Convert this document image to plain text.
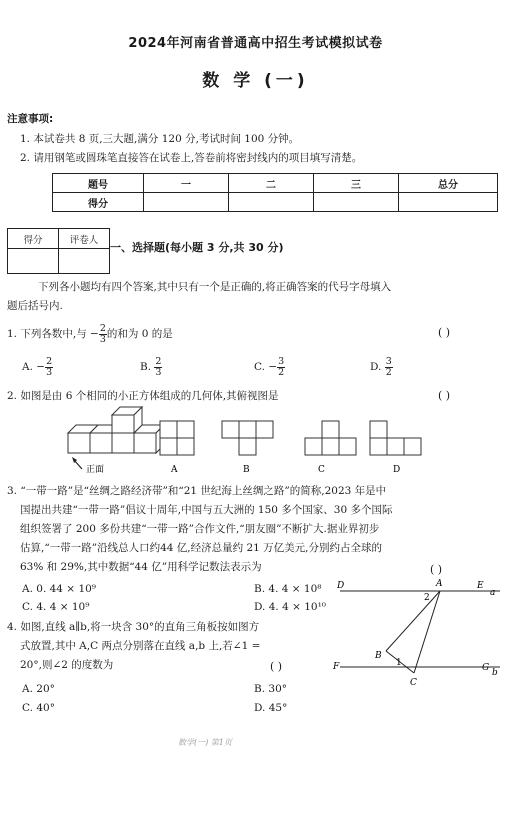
2024年河南省普通高中招生考试模拟试卷
数 学 (一)
注意事项:
1. 本试卷共 8 页,三大题,满分 120 分,考试时间 100 分钟。
2. 请用钢笔或圆珠笔直接答在试卷上,答卷前将密封线内的项目填写清楚。
题号	一	二	三	总分
得分				
得分	评卷人

一、选择题(每小题 3 分,共 30 分)
下列各小题均有四个答案,其中只有一个是正确的,将正确答案的代号字母填入
题后括号内.
1. 下列各数中,与 − $\frac{2}{3}$ 的和为 0 的是	( )
A. − $\frac{2}{3}$	B. $\frac{2}{3}$	C. − $\frac{3}{2}$	D. $\frac{3}{2}$
2. 如图是由 6 个相同的小正方体组成的几何体,其俯视图是	( )
正面	A	B	C	D
3. “一带一路”是“丝绸之路经济带”和“21 世纪海上丝绸之路”的简称,2023 年是中
国提出共建“一带一路”倡议十周年,中国与五大洲的 150 多个国家、30 多个国际
组织签署了 200 多份共建“一带一路”合作文件,“朋友圈”不断扩大.据业界初步
估算,“一带一路”沿线总人口约44 亿,经济总量约 21 万亿美元,分别约占全球的
63% 和 29%,其中数据“44 亿”用科学记数法表示为	( )
A. 0. 44 × 10⁹	B. 4. 4 × 10⁸
C. 4. 4 × 10⁹	D. 4. 4 × 10¹⁰
4. 如图,直线 a∥b,将一块含 30°的直角三角板按如图方
式放置,其中 A,C 两点分别落在直线 a,b 上,若∠1 =
20°,则∠2 的度数为	( )
A. 20°	B. 30°
C. 40°	D. 45°
D	A	E
a
2
B
1
F
C
G b
数学(一) 第1页
